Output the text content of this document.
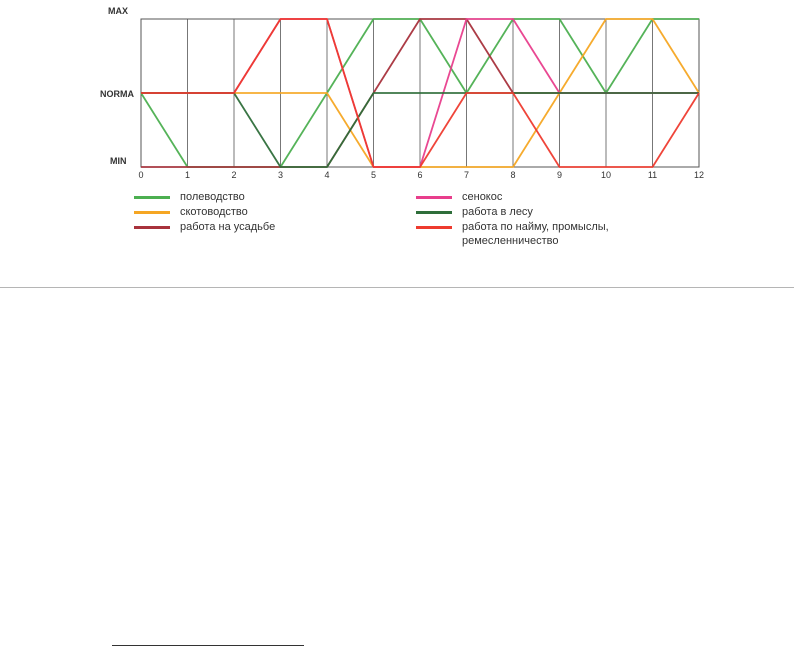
MAX
NORMA
MIN
0	1	2	3	4	5	6	7	8	9	10	11	12
полеводство
скотоводство
работа на усадьбе
сенокос
работа в лесу
работа по найму, промыслы, ремесленничество
